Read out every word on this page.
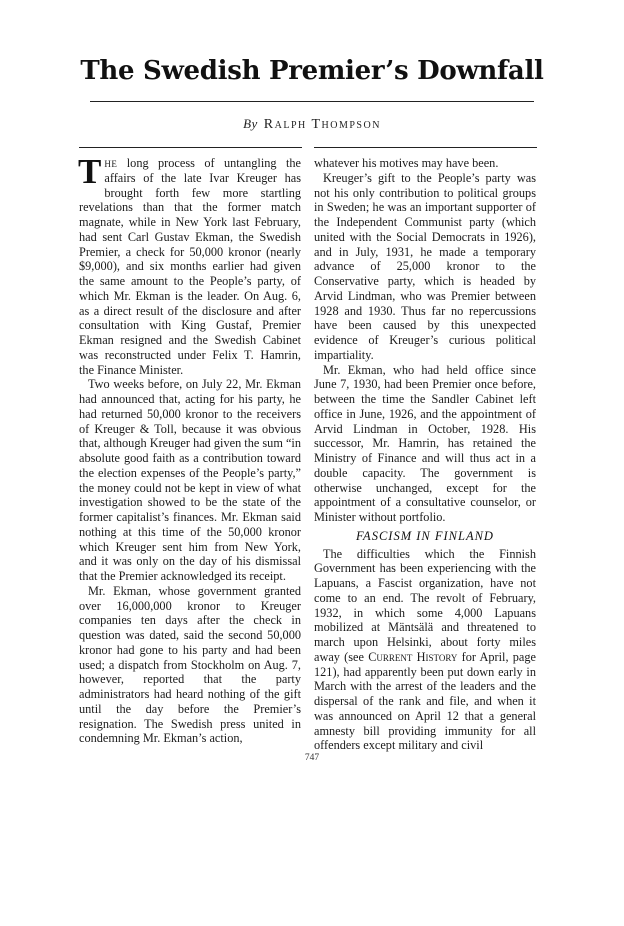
The Swedish Premier’s Downfall
By Ralph Thompson

The long process of untangling the affairs of the late Ivar Kreuger has brought forth few more startling revelations than that the former match magnate, while in New York last February, had sent Carl Gustav Ekman, the Swedish Premier, a check for 50,000 kronor (nearly $9,000), and six months earlier had given the same amount to the People’s party, of which Mr. Ekman is the leader. On Aug. 6, as a direct result of the disclosure and after consultation with King Gustaf, Premier Ekman resigned and the Swedish Cabinet was reconstructed under Felix T. Hamrin, the Finance Minister.

Two weeks before, on July 22, Mr. Ekman had announced that, acting for his party, he had returned 50,000 kronor to the receivers of Kreuger & Toll, because it was obvious that, although Kreuger had given the sum “in absolute good faith as a contribution toward the election expenses of the People’s party,” the money could not be kept in view of what investigation showed to be the state of the former capitalist’s finances. Mr. Ekman said nothing at this time of the 50,000 kronor which Kreuger sent him from New York, and it was only on the day of his dismissal that the Premier acknowledged its receipt.

Mr. Ekman, whose government granted over 16,000,000 kronor to Kreuger companies ten days after the check in question was dated, said the second 50,000 kronor had gone to his party and had been used; a dispatch from Stockholm on Aug. 7, however, reported that the party administrators had heard nothing of the gift until the day before the Premier’s resignation. The Swedish press united in condemning Mr. Ekman’s action,

whatever his motives may have been.

Kreuger’s gift to the People’s party was not his only contribution to political groups in Sweden; he was an important supporter of the Independent Communist party (which united with the Social Democrats in 1926), and in July, 1931, he made a temporary advance of 25,000 kronor to the Conservative party, which is headed by Arvid Lindman, who was Premier between 1928 and 1930. Thus far no repercussions have been caused by this unexpected evidence of Kreuger’s curious political impartiality.

Mr. Ekman, who had held office since June 7, 1930, had been Premier once before, between the time the Sandler Cabinet left office in June, 1926, and the appointment of Arvid Lindman in October, 1928. His successor, Mr. Hamrin, has retained the Ministry of Finance and will thus act in a double capacity. The government is otherwise unchanged, except for the appointment of a consultative counselor, or Minister without portfolio.

FASCISM IN FINLAND

The difficulties which the Finnish Government has been experiencing with the Lapuans, a Fascist organization, have not come to an end. The revolt of February, 1932, in which some 4,000 Lapuans mobilized at Mäntsälä and threatened to march upon Helsinki, about forty miles away (see Current History for April, page 121), had apparently been put down early in March with the arrest of the leaders and the dispersal of the rank and file, and when it was announced on April 12 that a general amnesty bill providing immunity for all offenders except military and civil

747
